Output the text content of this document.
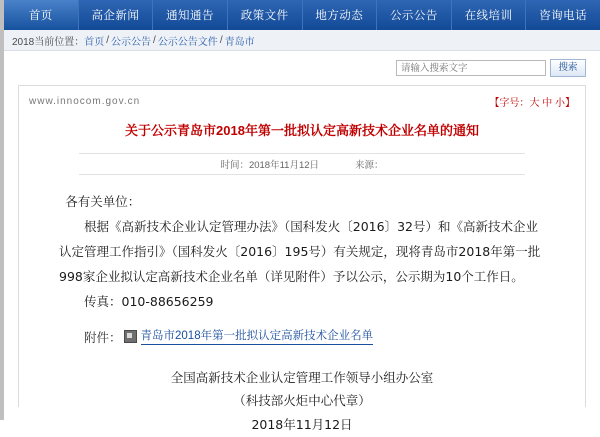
首页	高企新闻	通知通告	政策文件	地方动态	公示公告	在线培训	咨询电话
2018当前位置： 首页 / 公示公告 / 公示公告文件 / 青岛市
请输入搜索文字
搜索
www.innocom.gov.cn	【字号：大 中 小】
关于公示青岛市2018年第一批拟认定高新技术企业名单的通知
时间：2018年11月12日	来源：
各有关单位：
根据《高新技术企业认定管理办法》（国科发火〔2016〕32号）和《高新技术企业认定管理工作指引》（国科发火〔2016〕195号）有关规定，现将青岛市2018年第一批998家企业拟认定高新技术企业名单（详见附件）予以公示，公示期为10个工作日。
传真：010-88656259
附件： 青岛市2018年第一批拟认定高新技术企业名单
全国高新技术企业认定管理工作领导小组办公室
（科技部火炬中心代章）
2018年11月12日
